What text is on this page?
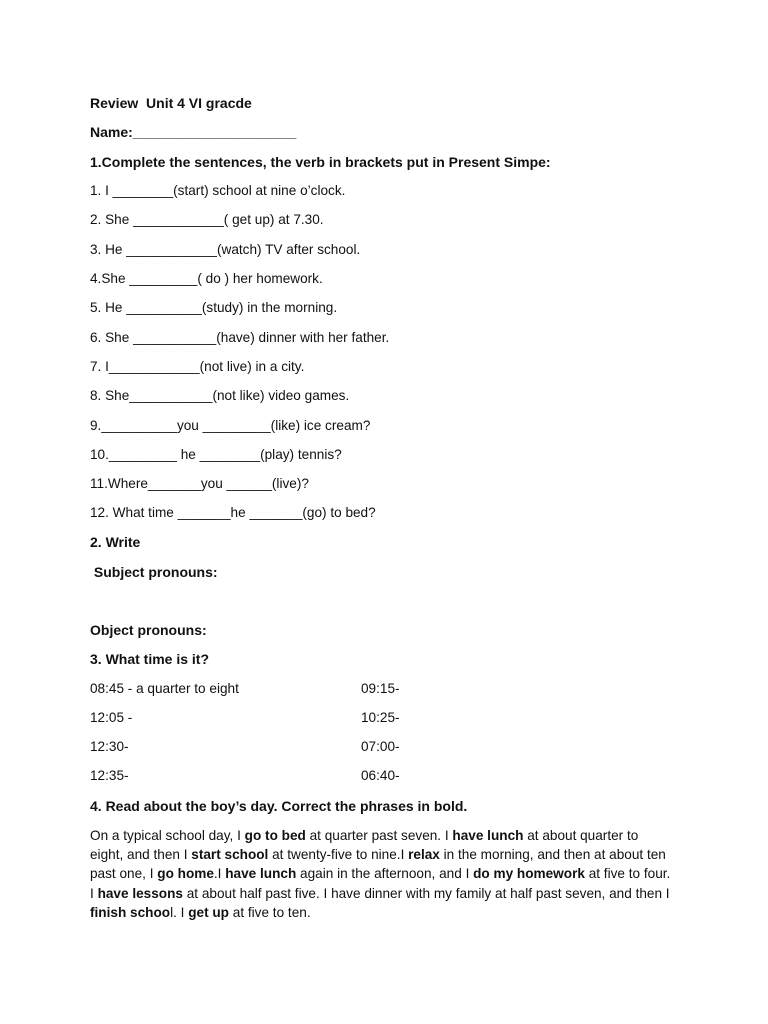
Review  Unit 4 VI gracde
Name:_____________________
1.Complete the sentences, the verb in brackets put in Present Simpe:
1. I ________(start) school at nine o’clock.
2. She ____________( get up) at 7.30.
3. He ____________(watch) TV after school.
4.She _________( do ) her homework.
5. He __________(study) in the morning.
6. She ___________(have) dinner with her father.
7. I____________(not live) in a city.
8. She___________(not like) video games.
9.__________you _________(like) ice cream?
10._________ he ________(play) tennis?
11.Where_______you ______(live)?
12. What time _______he _______(go) to bed?
2. Write
Subject pronouns:
Object pronouns:
3. What time is it?
08:45 - a quarter to eight	09:15-
12:05 -	10:25-
12:30-	07:00-
12:35-	06:40-
4. Read about the boy’s day. Correct the phrases in bold.
On a typical school day, I go to bed at quarter past seven. I have lunch at about quarter to eight, and then I start school at twenty-five to nine.I relax in the morning, and then at about ten past one, I go home.I have lunch again in the afternoon, and I do my homework at five to four. I have lessons at about half past five. I have dinner with my family at half past seven, and then I finish school. I get up at five to ten.
